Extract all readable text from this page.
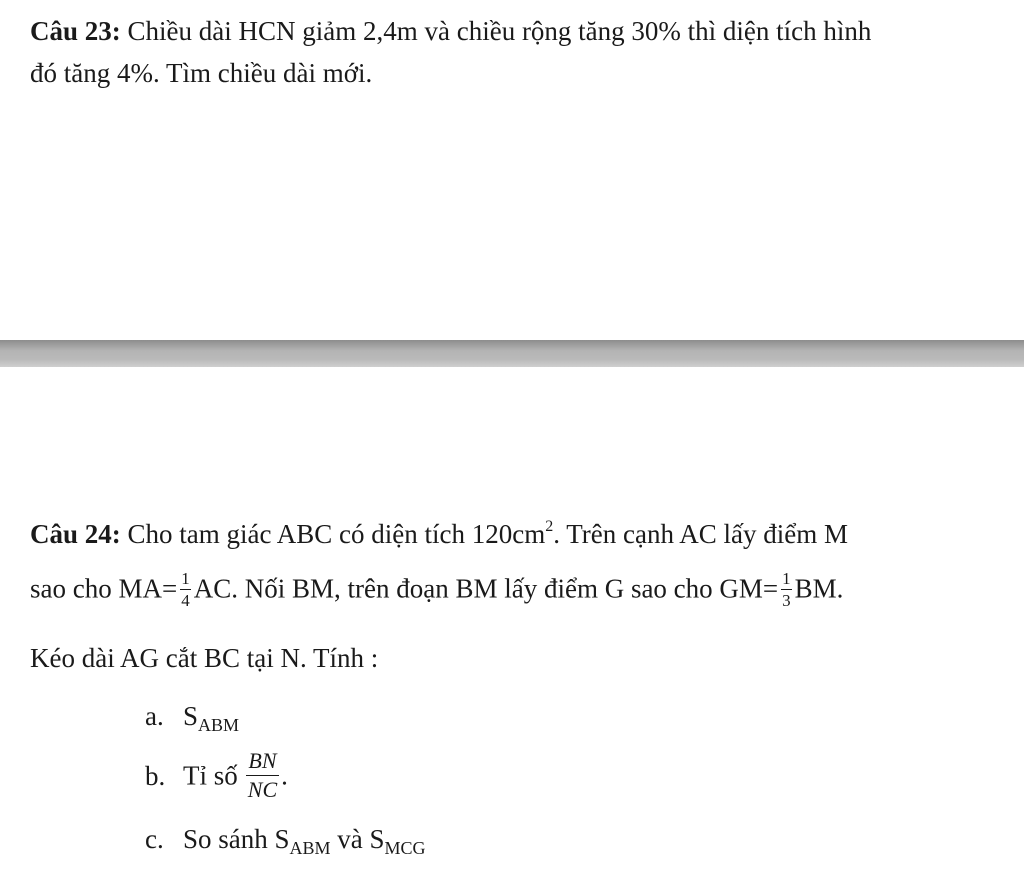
Câu 23: Chiều dài HCN giảm 2,4m và chiều rộng tăng 30% thì diện tích hình
đó tăng 4%. Tìm chiều dài mới.
Câu 24: Cho tam giác ABC có diện tích $120cm^2$. Trên cạnh AC lấy điểm M
sao cho $MA= \frac{1}{4}$ AC. Nối BM, trên đoạn BM lấy điểm G sao cho $GM= \frac{1}{3}$ BM.
Kéo dài AG cắt BC tại N. Tính :
a. $S_{ABM}$
b. Tỉ số $\frac{BN}{NC}$ .
c. So sánh $S_{ABM}$ và $S_{MCG}$
